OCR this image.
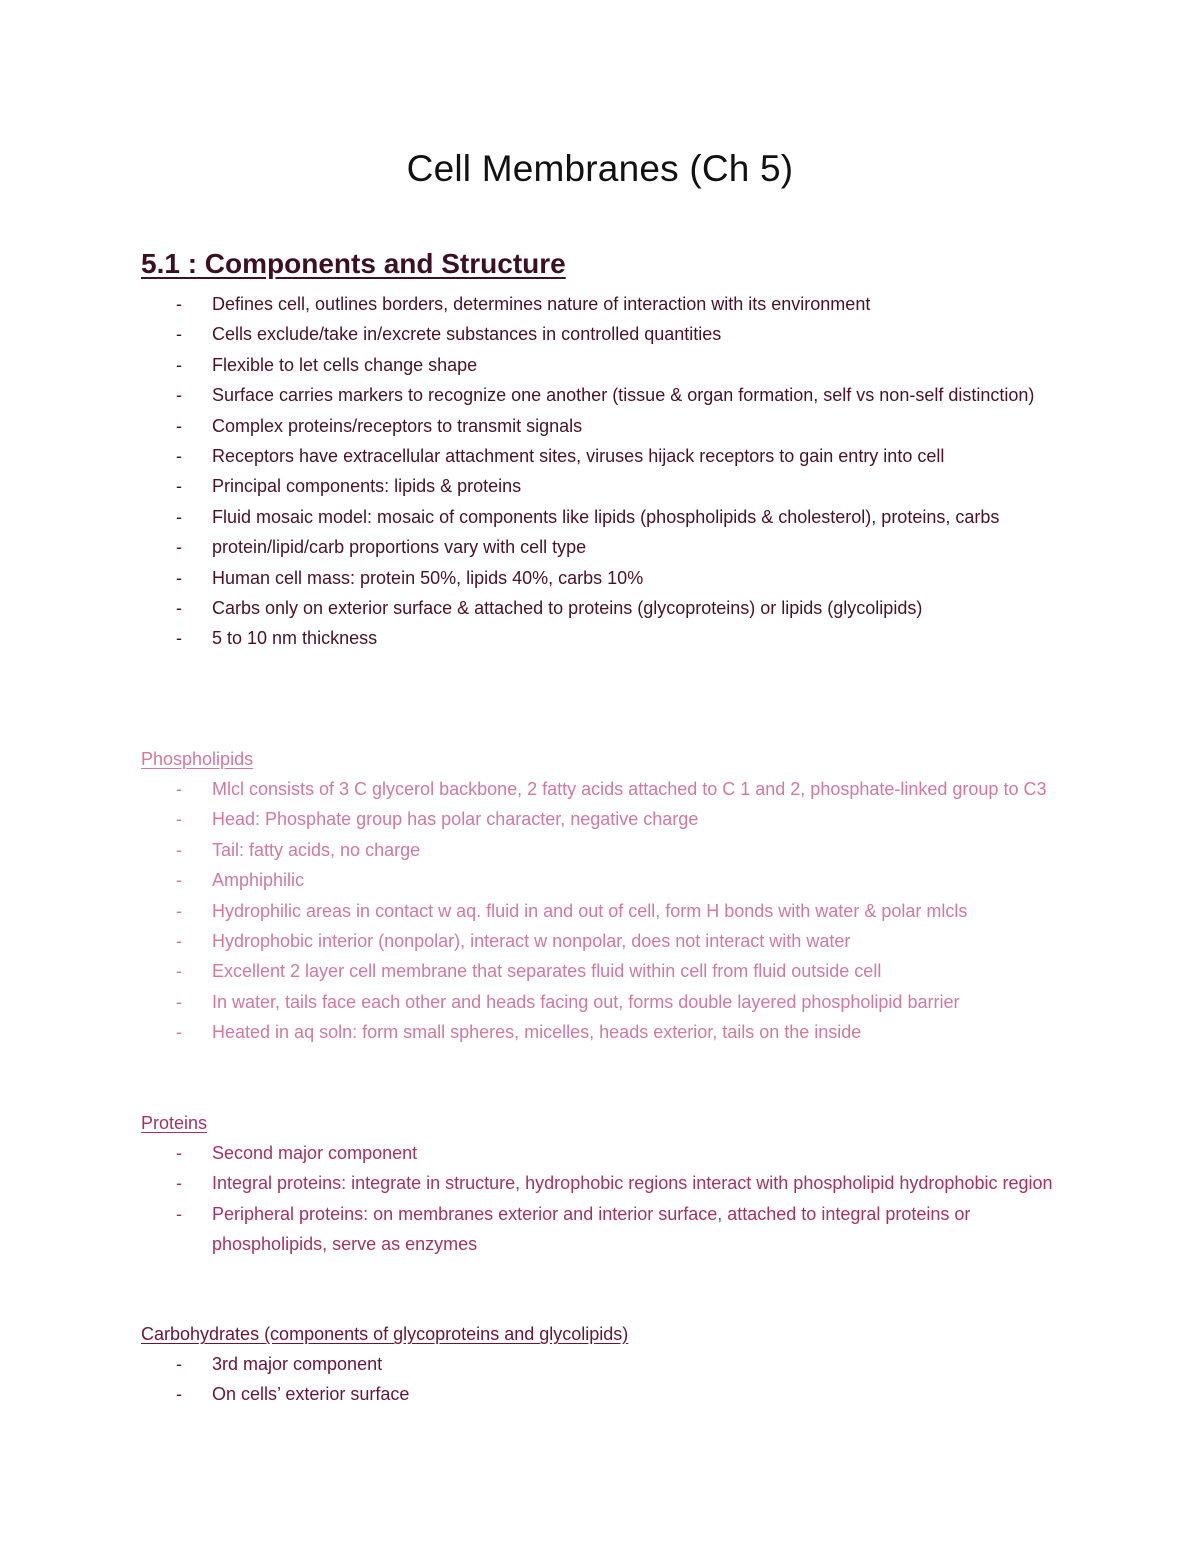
Cell Membranes (Ch 5)
5.1 : Components and Structure
- Defines cell, outlines borders, determines nature of interaction with its environment
- Cells exclude/take in/excrete substances in controlled quantities
- Flexible to let cells change shape
- Surface carries markers to recognize one another (tissue & organ formation, self vs non-self distinction)
- Complex proteins/receptors to transmit signals
- Receptors have extracellular attachment sites, viruses hijack receptors to gain entry into cell
- Principal components: lipids & proteins
- Fluid mosaic model: mosaic of components like lipids (phospholipids & cholesterol), proteins, carbs
- protein/lipid/carb proportions vary with cell type
- Human cell mass: protein 50%, lipids 40%, carbs 10%
- Carbs only on exterior surface & attached to proteins (glycoproteins) or lipids (glycolipids)
- 5 to 10 nm thickness
Phospholipids
- Mlcl consists of 3 C glycerol backbone, 2 fatty acids attached to C 1 and 2, phosphate-linked group to C3
- Head: Phosphate group has polar character, negative charge
- Tail: fatty acids, no charge
- Amphiphilic
- Hydrophilic areas in contact w aq. fluid in and out of cell, form H bonds with water & polar mlcls
- Hydrophobic interior (nonpolar), interact w nonpolar, does not interact with water
- Excellent 2 layer cell membrane that separates fluid within cell from fluid outside cell
- In water, tails face each other and heads facing out, forms double layered phospholipid barrier
- Heated in aq soln: form small spheres, micelles, heads exterior, tails on the inside
Proteins
- Second major component
- Integral proteins: integrate in structure, hydrophobic regions interact with phospholipid hydrophobic region
- Peripheral proteins: on membranes exterior and interior surface, attached to integral proteins or phospholipids, serve as enzymes
Carbohydrates (components of glycoproteins and glycolipids)
- 3rd major component
- On cells’ exterior surface
